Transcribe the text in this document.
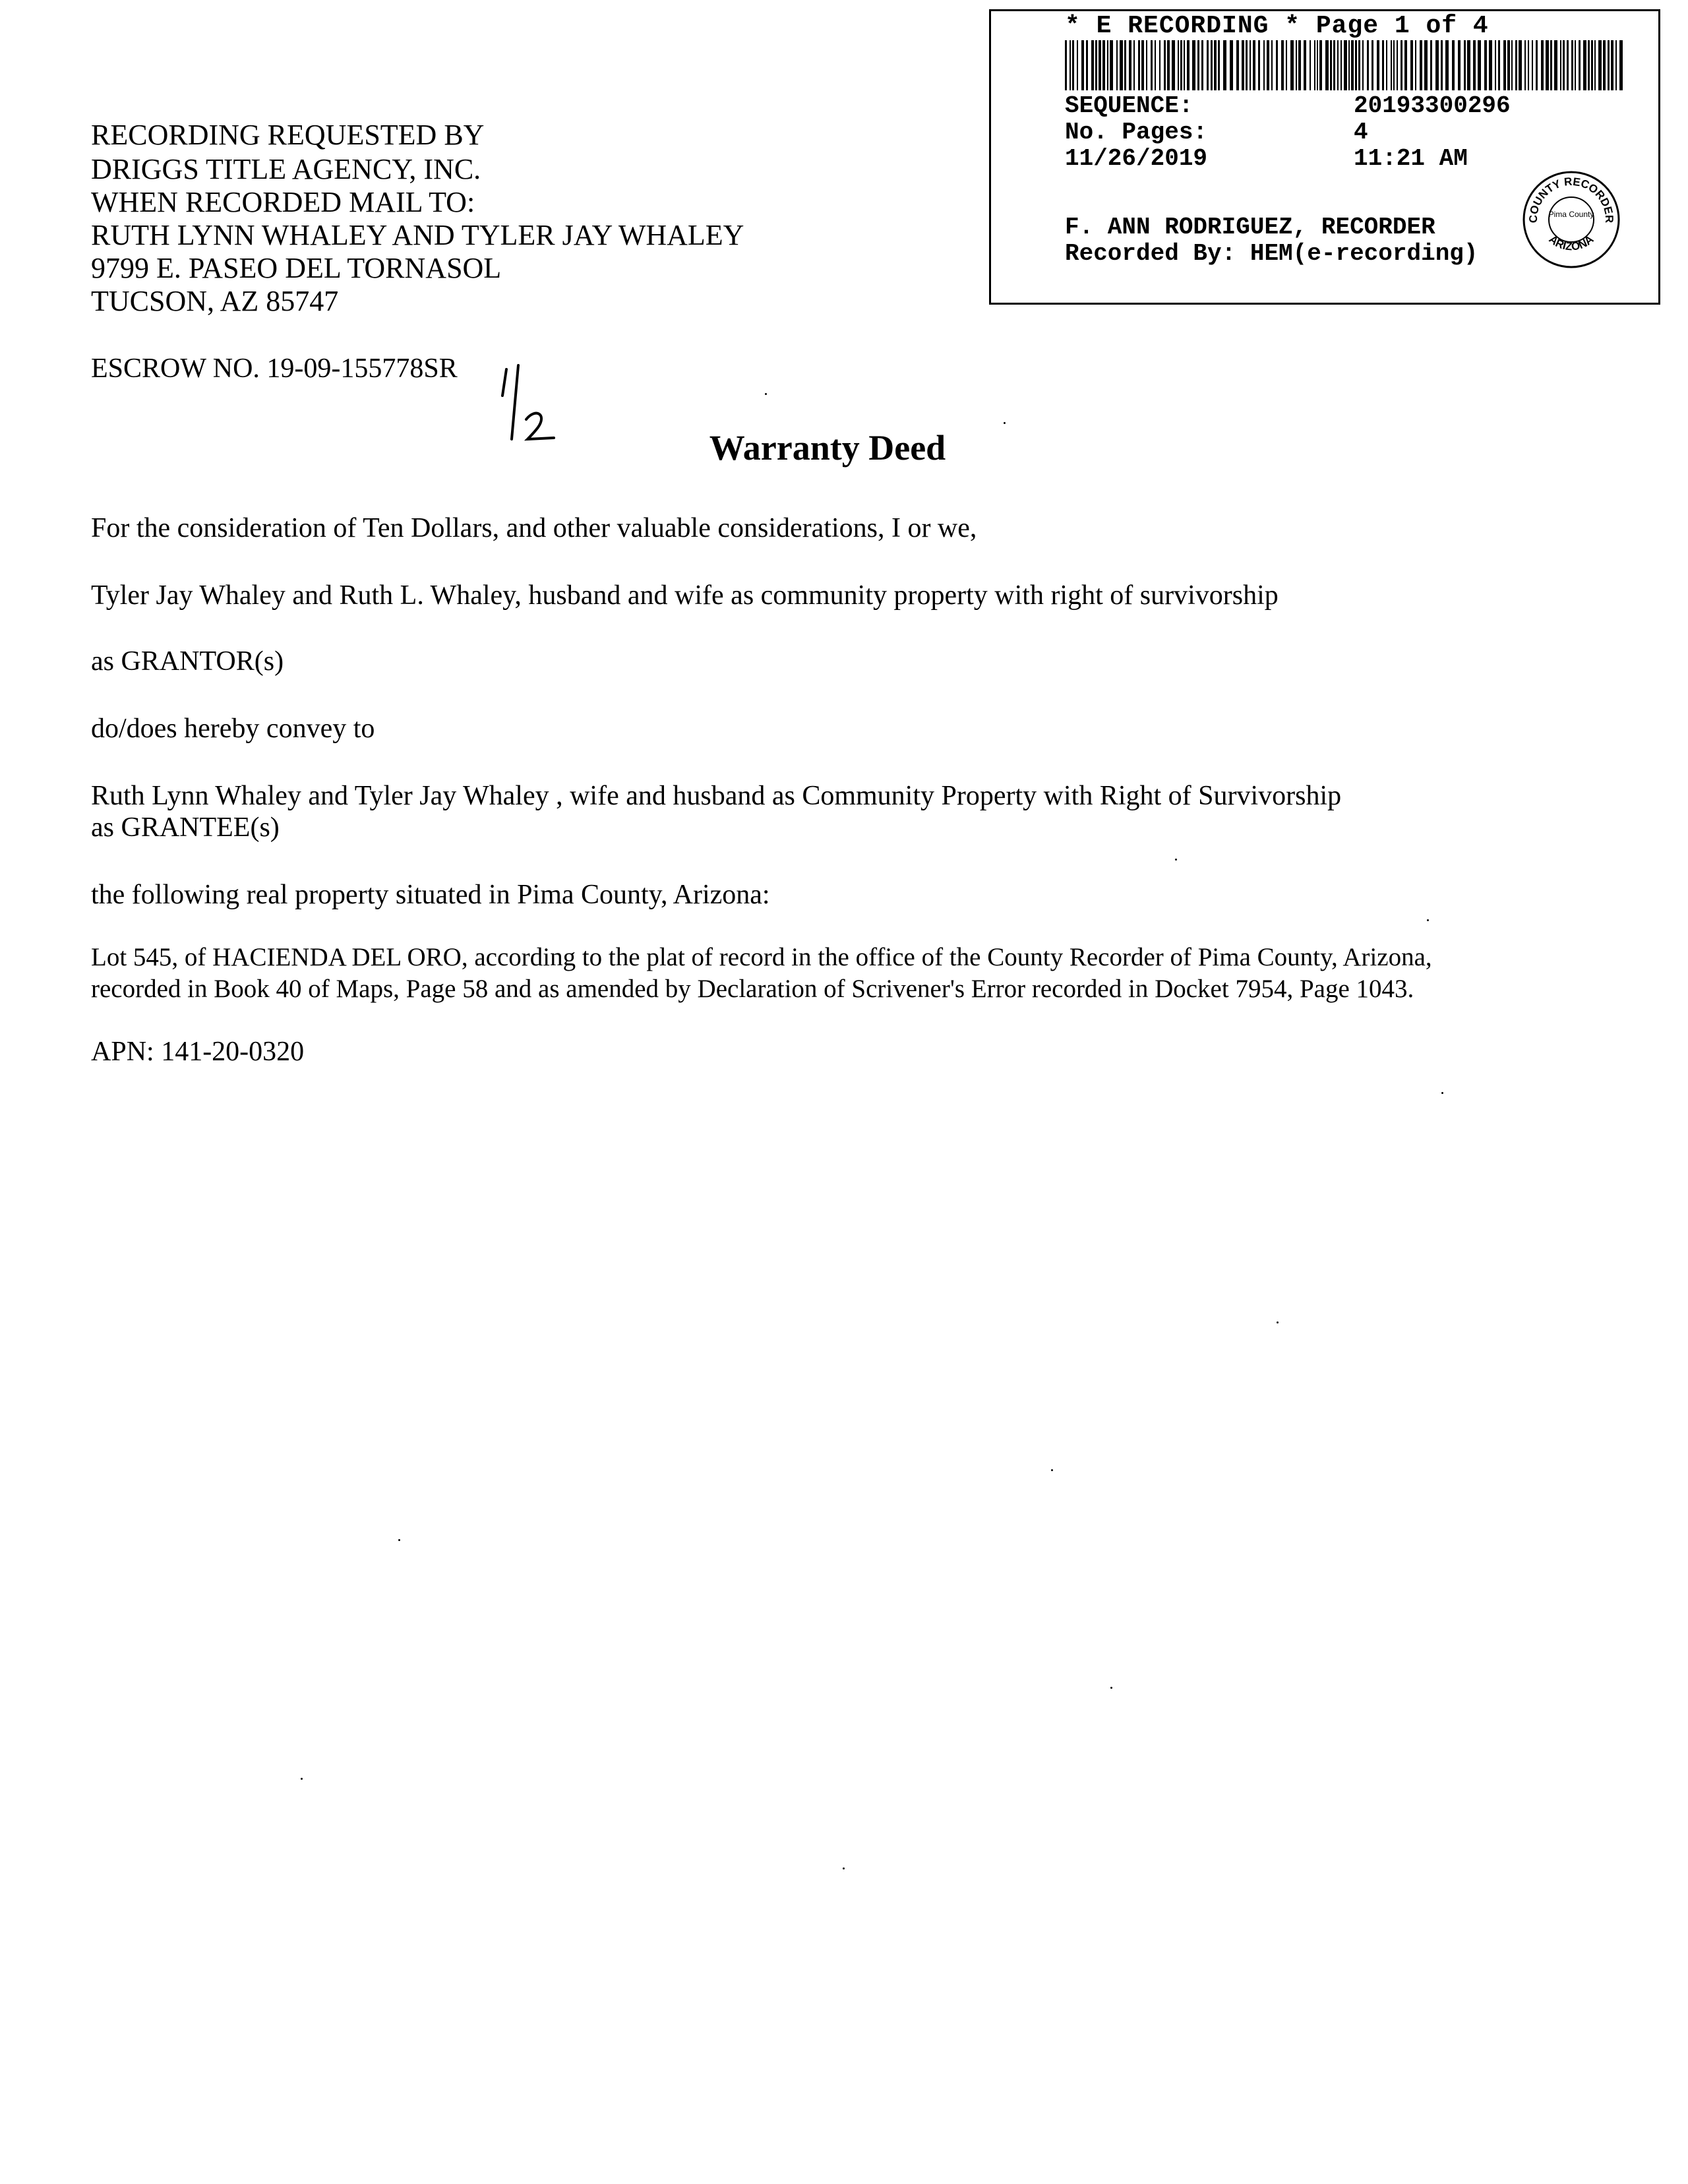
* E RECORDING * Page 1 of 4
SEQUENCE:	20193300296
No. Pages:	4
11/26/2019	11:21 AM
F. ANN RODRIGUEZ, RECORDER
Recorded By: HEM(e-recording)
COUNTY RECORDER
Pima County
ARIZONA
RECORDING REQUESTED BY
DRIGGS TITLE AGENCY, INC.
WHEN RECORDED MAIL TO:
RUTH LYNN WHALEY AND TYLER JAY WHALEY
9799 E. PASEO DEL TORNASOL
TUCSON, AZ 85747
ESCROW NO. 19-09-155778SR
Warranty Deed
For the consideration of Ten Dollars, and other valuable considerations, I or we,
Tyler Jay Whaley and Ruth L. Whaley, husband and wife as community property with right of survivorship
as GRANTOR(s)
do/does hereby convey to
Ruth Lynn Whaley and Tyler Jay Whaley , wife and husband as Community Property with Right of Survivorship
as GRANTEE(s)
the following real property situated in Pima County, Arizona:
Lot 545, of HACIENDA DEL ORO, according to the plat of record in the office of the County Recorder of Pima County, Arizona,
recorded in Book 40 of Maps, Page 58 and as amended by Declaration of Scrivener's Error recorded in Docket 7954, Page 1043.
APN: 141-20-0320
